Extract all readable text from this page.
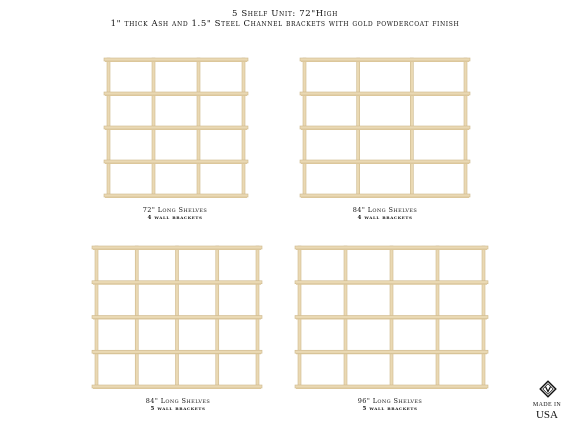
5 Shelf Unit: 72"High
1" thick Ash and 1.5" Steel Channel brackets with gold powdercoat finish
72" Long Shelves
4 wall brackets
84" Long Shelves
4 wall brackets
84" Long Shelves
5 wall brackets
96" Long Shelves
5 wall brackets
MADE IN
USA
